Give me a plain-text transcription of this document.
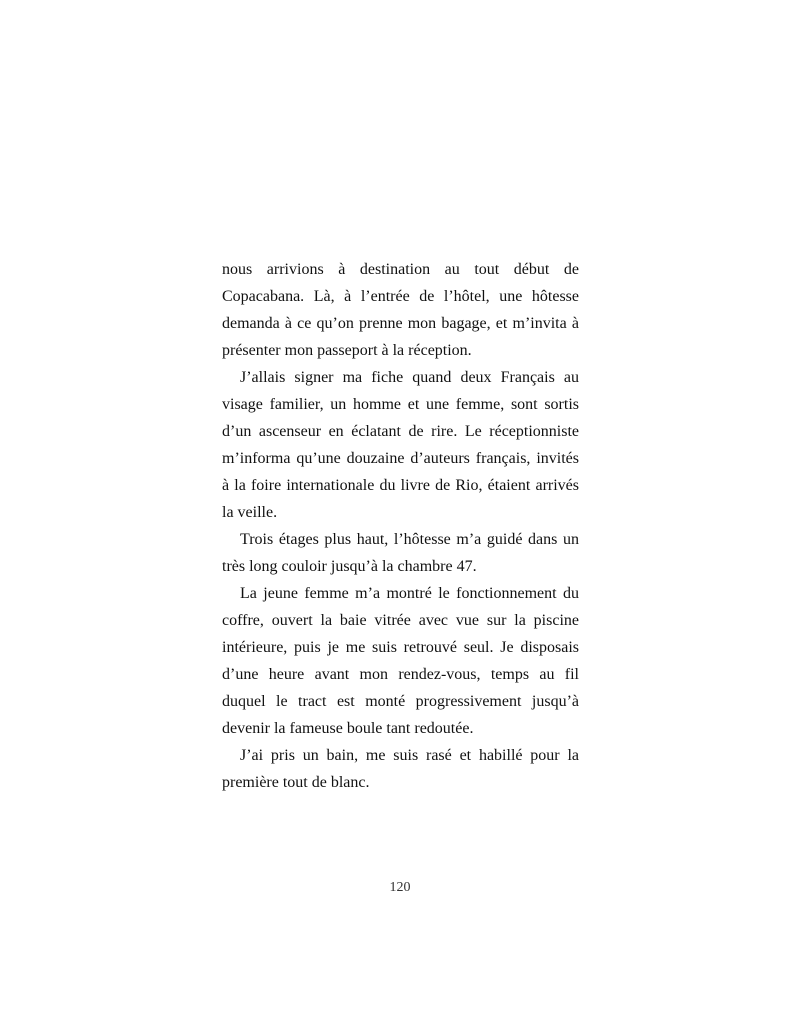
nous arrivions à destination au tout début de Copacabana. Là, à l’entrée de l’hôtel, une hôtesse demanda à ce qu’on prenne mon bagage, et m’invita à présenter mon passeport à la réception.

J’allais signer ma fiche quand deux Français au visage familier, un homme et une femme, sont sortis d’un ascenseur en éclatant de rire. Le réceptionniste m’informa qu’une douzaine d’auteurs français, invités à la foire internationale du livre de Rio, étaient arrivés la veille.

Trois étages plus haut, l’hôtesse m’a guidé dans un très long couloir jusqu’à la chambre 47.

La jeune femme m’a montré le fonctionnement du coffre, ouvert la baie vitrée avec vue sur la piscine intérieure, puis je me suis retrouvé seul. Je disposais d’une heure avant mon rendez-vous, temps au fil duquel le tract est monté progressivement jusqu’à devenir la fameuse boule tant redoutée.

J’ai pris un bain, me suis rasé et habillé pour la première tout de blanc.

120
